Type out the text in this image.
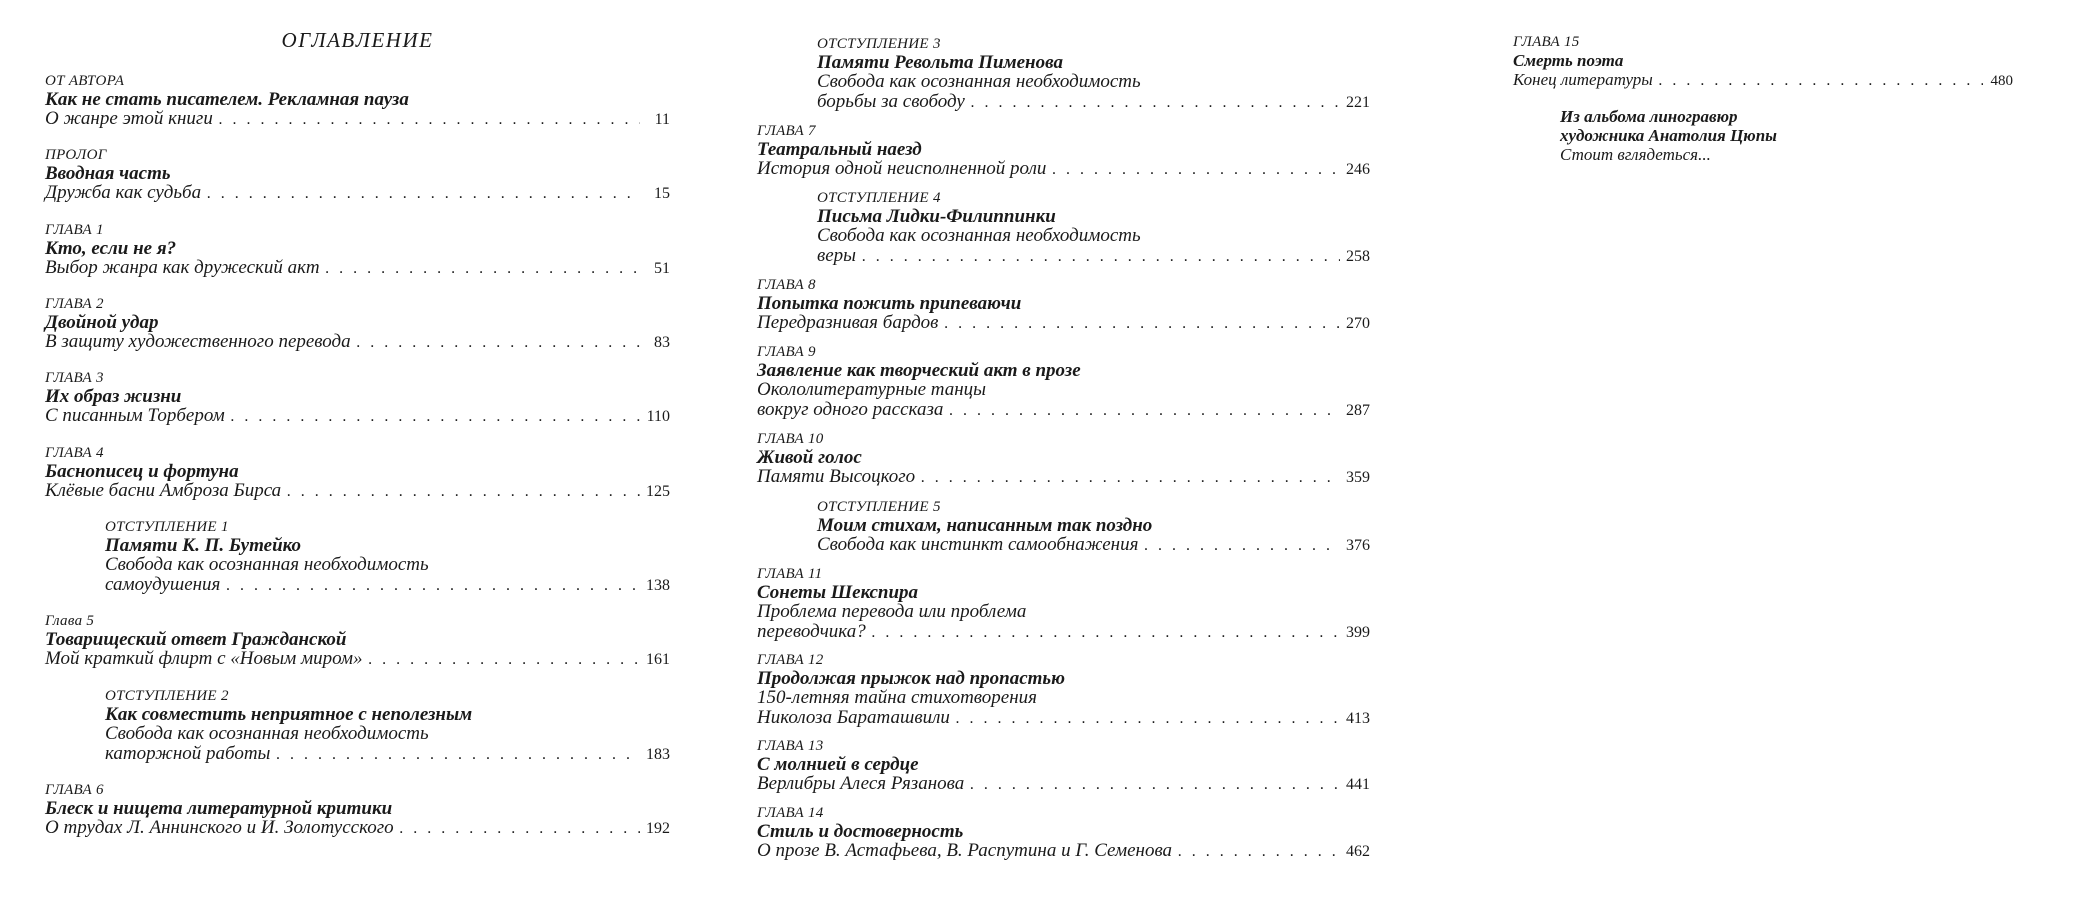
ОГЛАВЛЕНИЕ
ОТ АВТОРА
Как не стать писателем. Рекламная пауза
О жанре этой книги . . .	11
ПРОЛОГ
Вводная часть
Дружба как судьба . . .	15
ГЛАВА 1
Кто, если не я?
Выбор жанра как дружеский акт . . .	51
ГЛАВА 2
Двойной удар
В защиту художественного перевода . . .	83
ГЛАВА 3
Их образ жизни
С писанным Торбером . . .	110
ГЛАВА 4
Баснописец и фортуна
Клёвые басни Амброза Бирса . . .	125
ОТСТУПЛЕНИЕ 1
Памяти К. П. Бутейко
Свобода как осознанная необходимость
самоудушения . . .	138
Глава 5
Товарищеский ответ Гражданской
Мой краткий флирт с «Новым миром» . . .	161
ОТСТУПЛЕНИЕ 2
Как совместить неприятное с неполезным
Свобода как осознанная необходимость
каторжной работы . . .	183
ГЛАВА 6
Блеск и нищета литературной критики
О трудах Л. Аннинского и И. Золотусского . . .	192
ОТСТУПЛЕНИЕ 3
Памяти Револьта Пименова
Свобода как осознанная необходимость
борьбы за свободу . . .	221
ГЛАВА 7
Театральный наезд
История одной неисполненной роли . . .	246
ОТСТУПЛЕНИЕ 4
Письма Лидки-Филиппинки
Свобода как осознанная необходимость
веры . . .	258
ГЛАВА 8
Попытка пожить припеваючи
Передразнивая бардов . . .	270
ГЛАВА 9
Заявление как творческий акт в прозе
Окололитературные танцы
вокруг одного рассказа . . .	287
ГЛАВА 10
Живой голос
Памяти Высоцкого . . .	359
ОТСТУПЛЕНИЕ 5
Моим стихам, написанным так поздно
Свобода как инстинкт самообнажения . . .	376
ГЛАВА 11
Сонеты Шекспира
Проблема перевода или проблема
переводчика? . . .	399
ГЛАВА 12
Продолжая прыжок над пропастью
150-летняя тайна стихотворения
Николоза Бараташвили . . .	413
ГЛАВА 13
С молнией в сердце
Верлибры Алеся Рязанова . . .	441
ГЛАВА 14
Стиль и достоверность
О прозе В. Астафьева, В. Распутина и Г. Семенова . . .	462
ГЛАВА 15
Смерть поэта
Конец литературы . . .	480
Из альбома линогравюр
художника Анатолия Цюпы
Стоит вглядеться...
